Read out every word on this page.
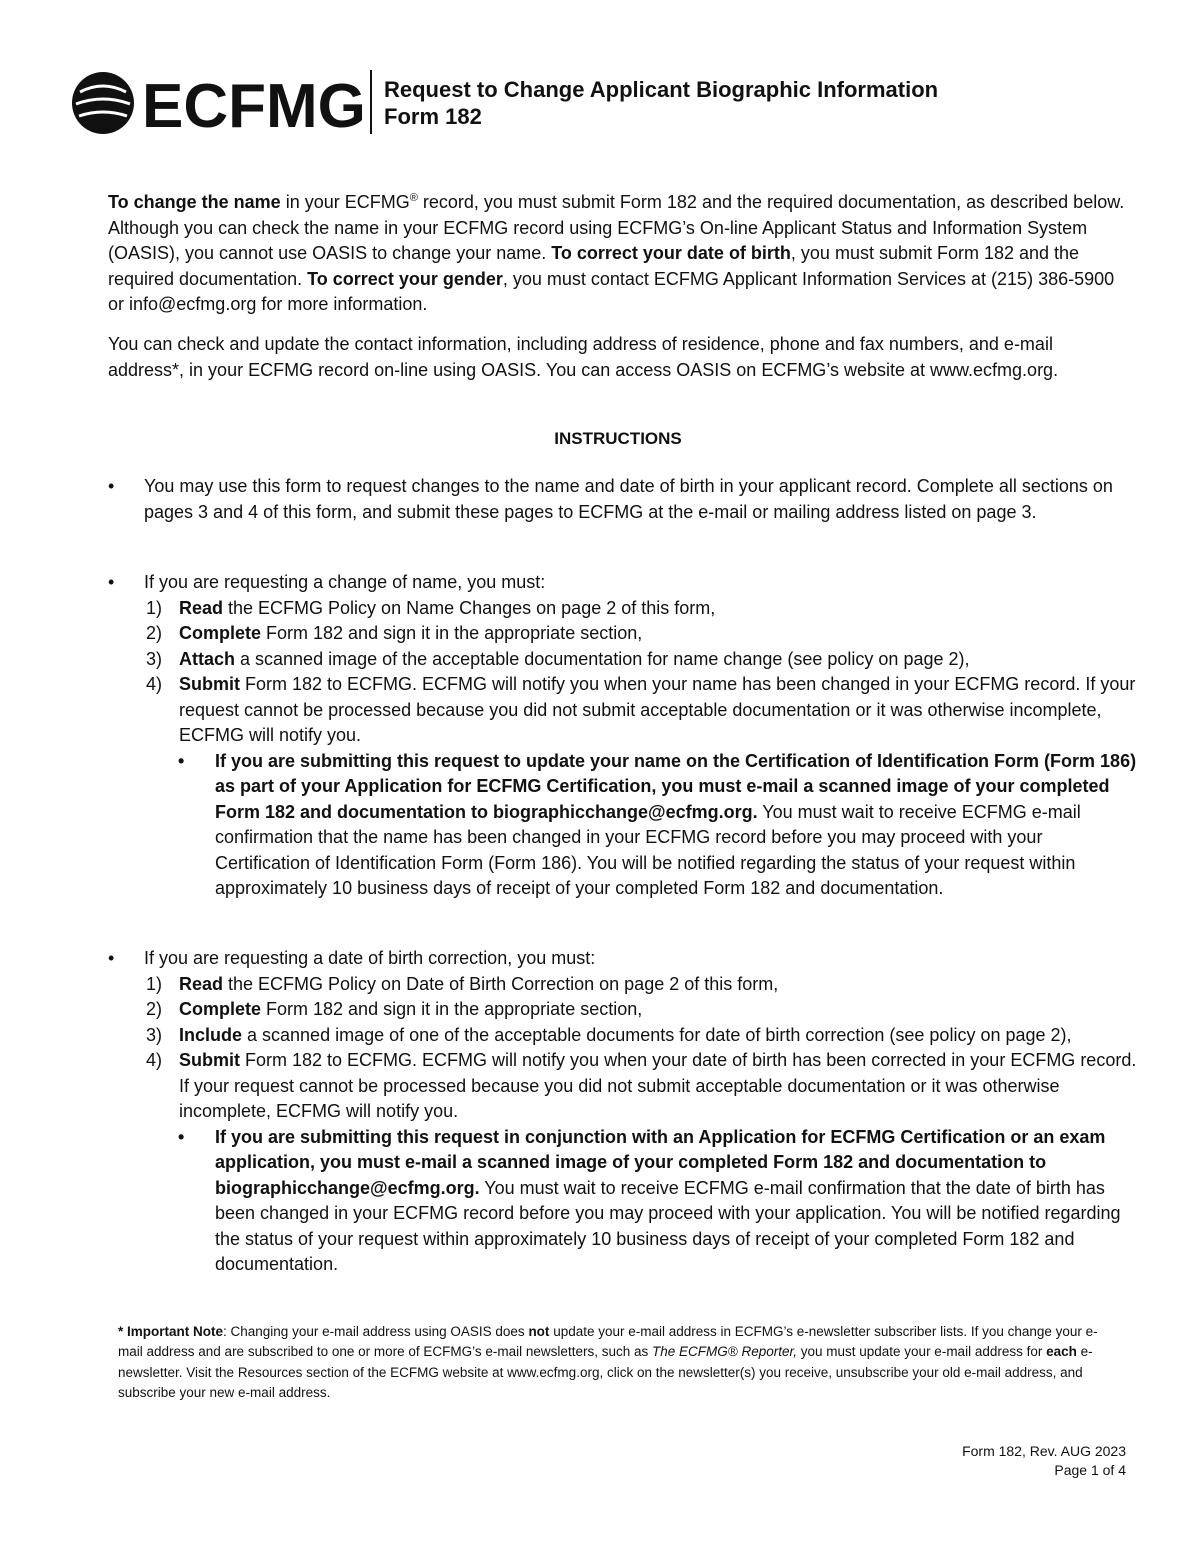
ECFMG Request to Change Applicant Biographic Information
Form 182
To change the name in your ECFMG® record, you must submit Form 182 and the required documentation, as described below. Although you can check the name in your ECFMG record using ECFMG’s On-line Applicant Status and Information System (OASIS), you cannot use OASIS to change your name. To correct your date of birth, you must submit Form 182 and the required documentation. To correct your gender, you must contact ECFMG Applicant Information Services at (215) 386-5900 or info@ecfmg.org for more information.
You can check and update the contact information, including address of residence, phone and fax numbers, and e-mail address*, in your ECFMG record on-line using OASIS. You can access OASIS on ECFMG’s website at www.ecfmg.org.
INSTRUCTIONS
•	You may use this form to request changes to the name and date of birth in your applicant record. Complete all sections on pages 3 and 4 of this form, and submit these pages to ECFMG at the e-mail or mailing address listed on page 3.
•	If you are requesting a change of name, you must:
1) Read the ECFMG Policy on Name Changes on page 2 of this form,
2) Complete Form 182 and sign it in the appropriate section,
3) Attach a scanned image of the acceptable documentation for name change (see policy on page 2),
4) Submit Form 182 to ECFMG. ECFMG will notify you when your name has been changed in your ECFMG record. If your request cannot be processed because you did not submit acceptable documentation or it was otherwise incomplete, ECFMG will notify you.
• If you are submitting this request to update your name on the Certification of Identification Form (Form 186) as part of your Application for ECFMG Certification, you must e-mail a scanned image of your completed Form 182 and documentation to biographicchange@ecfmg.org. You must wait to receive ECFMG e-mail confirmation that the name has been changed in your ECFMG record before you may proceed with your Certification of Identification Form (Form 186). You will be notified regarding the status of your request within approximately 10 business days of receipt of your completed Form 182 and documentation.
•	If you are requesting a date of birth correction, you must:
1) Read the ECFMG Policy on Date of Birth Correction on page 2 of this form,
2) Complete Form 182 and sign it in the appropriate section,
3) Include a scanned image of one of the acceptable documents for date of birth correction (see policy on page 2),
4) Submit Form 182 to ECFMG. ECFMG will notify you when your date of birth has been corrected in your ECFMG record. If your request cannot be processed because you did not submit acceptable documentation or it was otherwise incomplete, ECFMG will notify you.
• If you are submitting this request in conjunction with an Application for ECFMG Certification or an exam application, you must e-mail a scanned image of your completed Form 182 and documentation to biographicchange@ecfmg.org. You must wait to receive ECFMG e-mail confirmation that the date of birth has been changed in your ECFMG record before you may proceed with your application. You will be notified regarding the status of your request within approximately 10 business days of receipt of your completed Form 182 and documentation.
* Important Note: Changing your e-mail address using OASIS does not update your e-mail address in ECFMG’s e-newsletter subscriber lists. If you change your e-mail address and are subscribed to one or more of ECFMG’s e-mail newsletters, such as The ECFMG® Reporter, you must update your e-mail address for each e-newsletter. Visit the Resources section of the ECFMG website at www.ecfmg.org, click on the newsletter(s) you receive, unsubscribe your old e-mail address, and subscribe your new e-mail address.
Form 182, Rev. AUG 2023
Page 1 of 4
